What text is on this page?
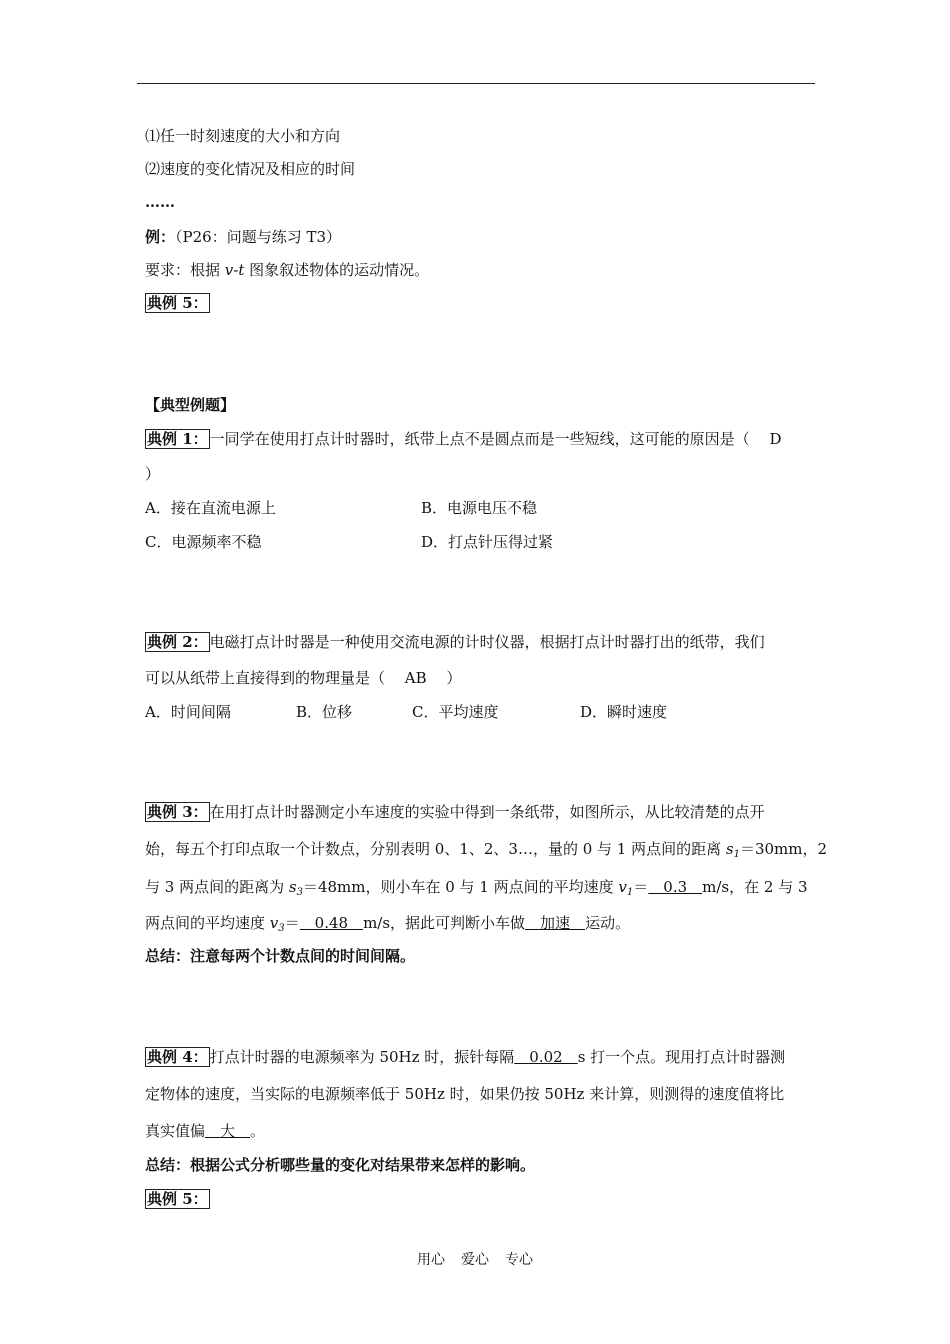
⑴任一时刻速度的大小和方向
⑵速度的变化情况及相应的时间
……
例：（P26：问题与练习 T3）
要求：根据 v-t 图象叙述物体的运动情况。
典例 5：
【典型例题】
典例 1： 一同学在使用打点计时器时，纸带上点不是圆点而是一些短线，这可能的原因是（　 D
）
A．接在直流电源上	B．电源电压不稳
C．电源频率不稳	D．打点针压得过紧
典例 2： 电磁打点计时器是一种使用交流电源的计时仪器，根据打点计时器打出的纸带，我们
可以从纸带上直接得到的物理量是（　 AB　 ）
A．时间间隔	B．位移	C．平均速度	D．瞬时速度
典例 3： 在用打点计时器测定小车速度的实验中得到一条纸带，如图所示，从比较清楚的点开
始，每五个打印点取一个计数点，分别表明 0、1、2、3…，量的 0 与 1 两点间的距离 $s_1=30mm$，2
与 3 两点间的距离为 $s_3=48mm$，则小车在 0 与 1 两点间的平均速度 $v_1=$　0.3　m/s，在 2 与 3
两点间的平均速度 $v_3=$　0.48　m/s，据此可判断小车做　加速　运动。
总结：注意每两个计数点间的时间间隔。
典例 4： 打点计时器的电源频率为 50Hz 时，振针每隔　0.02　s 打一个点。现用打点计时器测
定物体的速度，当实际的电源频率低于 50Hz 时，如果仍按 50Hz 来计算，则测得的速度值将比
真实值偏　大　。
总结：根据公式分析哪些量的变化对结果带来怎样的影响。
典例 5：
用心 爱心 专心
